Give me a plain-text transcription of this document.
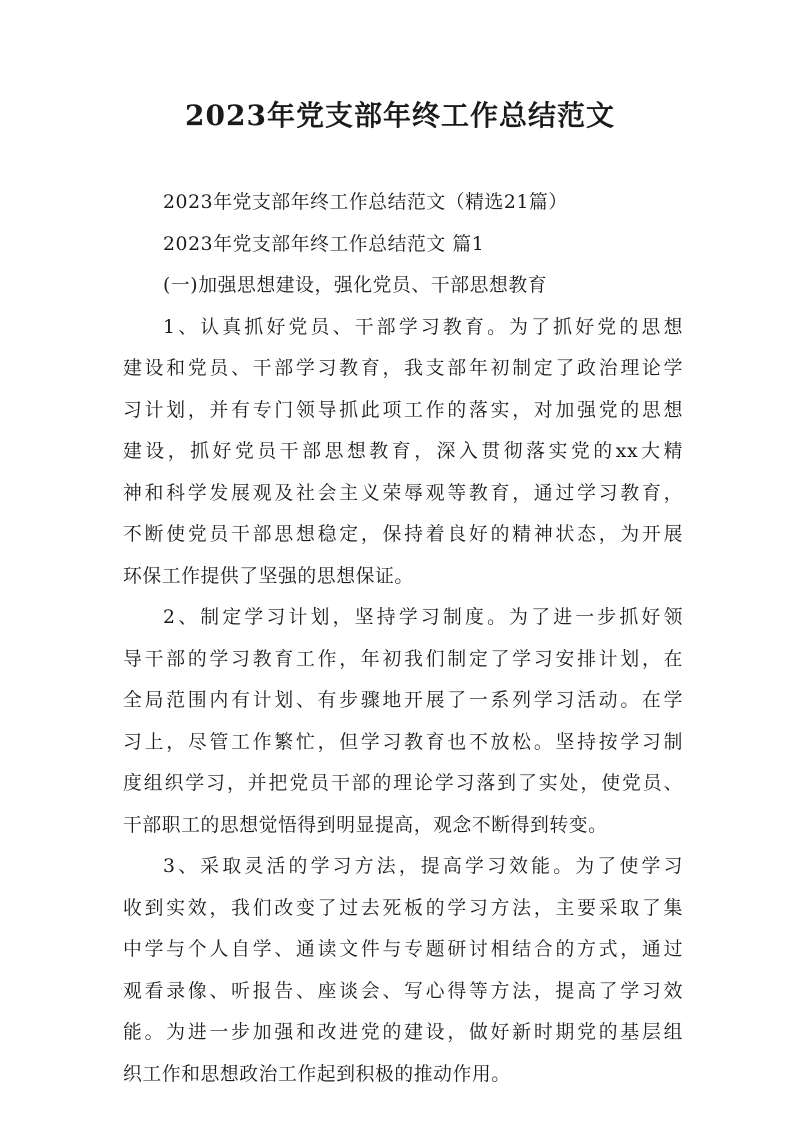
2023年党支部年终工作总结范文
2023年党支部年终工作总结范文（精选21篇）
2023年党支部年终工作总结范文 篇1
(一)加强思想建设，强化党员、干部思想教育
1、认真抓好党员、干部学习教育。为了抓好党的思想
建设和党员、干部学习教育，我支部年初制定了政治理论学
习计划，并有专门领导抓此项工作的落实，对加强党的思想
建设，抓好党员干部思想教育，深入贯彻落实党的xx大精
神和科学发展观及社会主义荣辱观等教育，通过学习教育，
不断使党员干部思想稳定，保持着良好的精神状态，为开展
环保工作提供了坚强的思想保证。
2、制定学习计划，坚持学习制度。为了进一步抓好领
导干部的学习教育工作，年初我们制定了学习安排计划，在
全局范围内有计划、有步骤地开展了一系列学习活动。在学
习上，尽管工作繁忙，但学习教育也不放松。坚持按学习制
度组织学习，并把党员干部的理论学习落到了实处，使党员、
干部职工的思想觉悟得到明显提高，观念不断得到转变。
3、采取灵活的学习方法，提高学习效能。为了使学习
收到实效，我们改变了过去死板的学习方法，主要采取了集
中学与个人自学、通读文件与专题研讨相结合的方式，通过
观看录像、听报告、座谈会、写心得等方法，提高了学习效
能。为进一步加强和改进党的建设，做好新时期党的基层组
织工作和思想政治工作起到积极的推动作用。
